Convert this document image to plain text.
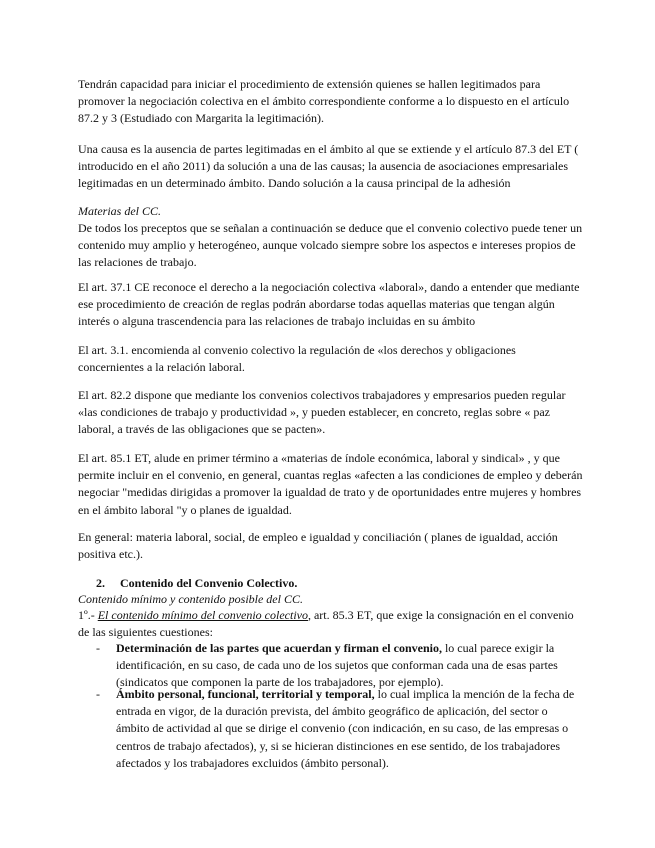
Tendrán capacidad para iniciar el procedimiento de extensión quienes se hallen legitimados para promover la negociación colectiva en el ámbito correspondiente conforme a lo dispuesto en el artículo 87.2 y 3 (Estudiado con Margarita la legitimación).

Una causa es la ausencia de partes legitimadas en el ámbito al que se extiende y el artículo 87.3 del ET ( introducido en el año 2011) da solución a una de las causas; la ausencia de asociaciones empresariales legitimadas en un determinado ámbito. Dando solución a la causa principal de la adhesión

Materias del CC.

De todos los preceptos que se señalan a continuación se deduce que el convenio colectivo puede tener un contenido muy amplio y heterogéneo, aunque volcado siempre sobre los aspectos e intereses propios de las relaciones de trabajo.

El art. 37.1 CE reconoce el derecho a la negociación colectiva «laboral», dando a entender que mediante ese procedimiento de creación de reglas podrán abordarse todas aquellas materias que tengan algún interés o alguna trascendencia para las relaciones de trabajo incluidas en su ámbito

El art. 3.1. encomienda al convenio colectivo la regulación de «los derechos y obligaciones concernientes a la relación laboral.

El art. 82.2 dispone que mediante los convenios colectivos trabajadores y empresarios pueden regular «las condiciones de trabajo y productividad », y pueden establecer, en concreto, reglas sobre « paz laboral, a través de las obligaciones que se pacten».

El art. 85.1 ET, alude en primer término a «materias de índole económica, laboral y sindical» , y que permite incluir en el convenio, en general, cuantas reglas «afecten a las condiciones de empleo y deberán negociar "medidas dirigidas a promover la igualdad de trato y de oportunidades entre mujeres y hombres en el ámbito laboral "y o planes de igualdad.

En general: materia laboral, social, de empleo e igualdad y conciliación ( planes de igualdad, acción positiva etc.).

2. Contenido del Convenio Colectivo.

Contenido mínimo y contenido posible del CC.

1º.- El contenido mínimo del convenio colectivo, art. 85.3 ET, que exige la consignación en el convenio de las siguientes cuestiones:

- Determinación de las partes que acuerdan y firman el convenio, lo cual parece exigir la identificación, en su caso, de cada uno de los sujetos que conforman cada una de esas partes (sindicatos que componen la parte de los trabajadores, por ejemplo).
- Ámbito personal, funcional, territorial y temporal, lo cual implica la mención de la fecha de entrada en vigor, de la duración prevista, del ámbito geográfico de aplicación, del sector o ámbito de actividad al que se dirige el convenio (con indicación, en su caso, de las empresas o centros de trabajo afectados), y, si se hicieran distinciones en ese sentido, de los trabajadores afectados y los trabajadores excluidos (ámbito personal).
